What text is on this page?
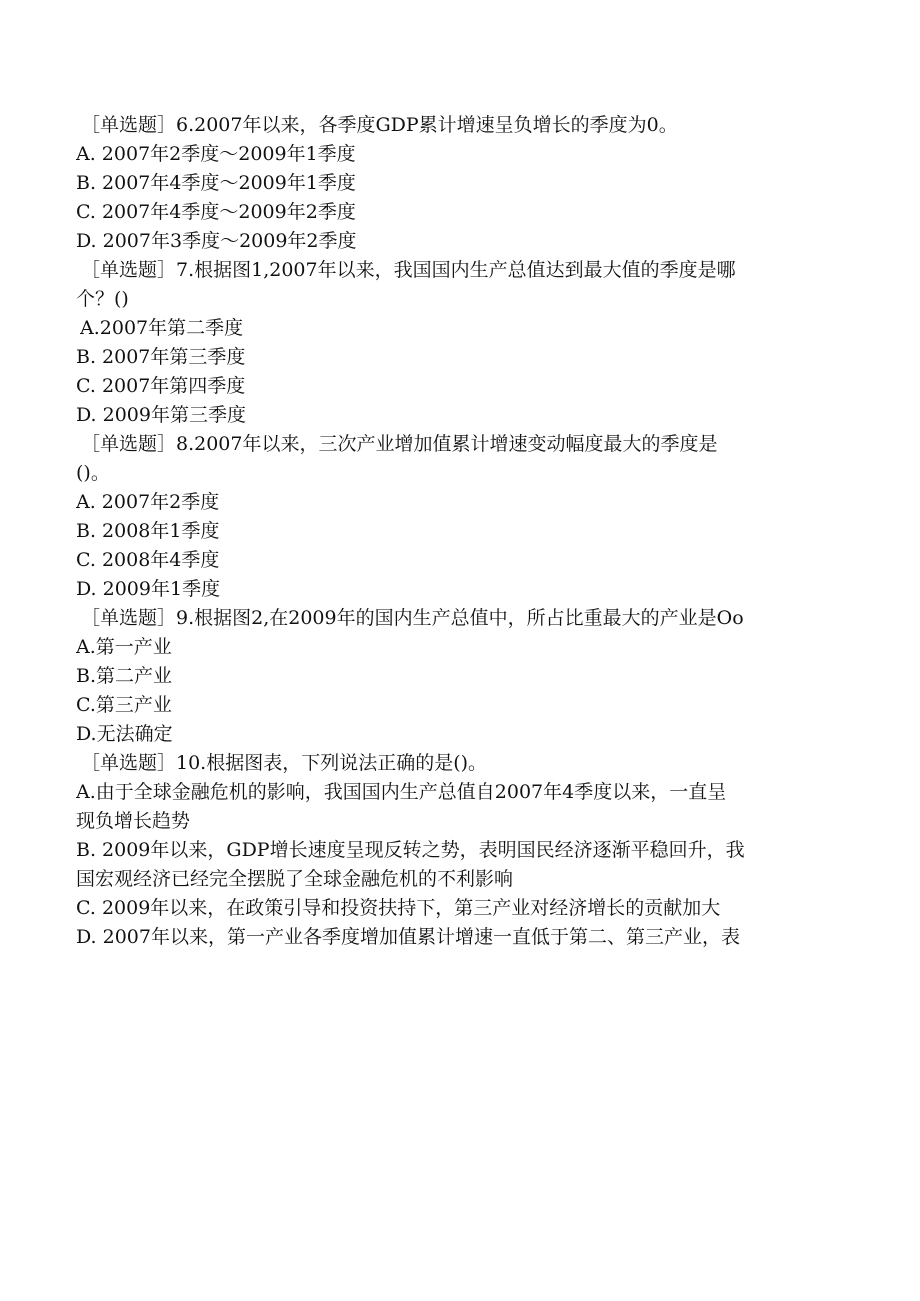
［单选题］6.2007年以来，各季度GDP累计增速呈负增长的季度为0。
A. 2007年2季度～2009年1季度
B. 2007年4季度～2009年1季度
C. 2007年4季度～2009年2季度
D. 2007年3季度～2009年2季度
［单选题］7.根据图1,2007年以来，我国国内生产总值达到最大值的季度是哪
个？()
A.2007年第二季度
B. 2007年第三季度
C. 2007年第四季度
D. 2009年第三季度
［单选题］8.2007年以来，三次产业增加值累计增速变动幅度最大的季度是
()。
A. 2007年2季度
B. 2008年1季度
C. 2008年4季度
D. 2009年1季度
［单选题］9.根据图2,在2009年的国内生产总值中，所占比重最大的产业是Oo
A.第一产业
B.第二产业
C.第三产业
D.无法确定
［单选题］10.根据图表，下列说法正确的是()。
A.由于全球金融危机的影响，我国国内生产总值自2007年4季度以来，一直呈
现负增长趋势
B. 2009年以来，GDP增长速度呈现反转之势，表明国民经济逐渐平稳回升，我
国宏观经济已经完全摆脱了全球金融危机的不利影响
C. 2009年以来，在政策引导和投资扶持下，第三产业对经济增长的贡献加大
D. 2007年以来，第一产业各季度增加值累计增速一直低于第二、第三产业，表
